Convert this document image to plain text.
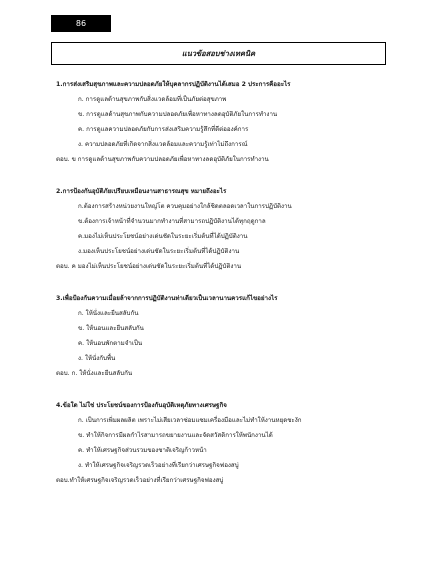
86
แนวข้อสอบช่างเทคนิค
1.การส่งเสริมสุขภาพและความปลอดภัยให้บุคลากรปฏิบัติงานได้เสมอ 2 ประการคืออะไร
ก. การดูแลด้านสุขภาพกับสิ่งแวดล้อมที่เป็นภัยต่อสุขภาพ
ข. การดูแลด้านสุขภาพกับความปลอดภัยเพื่อหาทางลดอุบัติภัยในการทำงาน
ค. การดูแลความปลอดภัยกับการส่งเสริมความรู้สึกที่ดีต่อองค์การ
ง. ความปลอดภัยที่เกิดจากสิ่งแวดล้อมและความรู้เท่าไม่ถึงการณ์
ตอบ. ข การดูแลด้านสุขภาพกับความปลอดภัยเพื่อหาทางลดอุบัติภัยในการทำงาน
2.การป้องกันอุบัติภัยเปรียบเหมือนงานสาธารณสุข หมายถึงอะไร
ก.ต้องการสร้างหน่วยงานใหญ่โต ควบคุมอย่างใกล้ชิดตลอดเวลาในการปฏิบัติงาน
ข.ต้องการเจ้าหน้าที่จำนวนมากทำงานที่สามารถปฏิบัติงานได้ทุกฤดูกาล
ค.มองไม่เห็นประโยชน์อย่างเด่นชัดในระยะเริ่มต้นที่ได้ปฏิบัติงาน
ง.มองเห็นประโยชน์อย่างเด่นชัดในระยะเริ่มต้นที่ได้ปฏิบัติงาน
ตอบ. ค มองไม่เห็นประโยชน์อย่างเด่นชัดในระยะเริ่มต้นที่ได้ปฏิบัติงาน
3.เพื่อป้องกันความเมื่อยล้าจากการปฏิบัติงานท่าเดียวเป็นเวลานานควรแก้ไขอย่างไร
ก. ให้นั่งและยืนสลับกัน
ข. ให้นอนและยืนสลับกัน
ค. ให้นอนพักตามจำเป็น
ง. ให้นั่งกับพื้น
ตอบ. ก. ให้นั่งและยืนสลับกัน
4.ข้อใด ไม่ใช่ ประโยชน์ของการป้องกันอุบัติเหตุภัยทางเศรษฐกิจ
ก. เป็นการเพิ่มผลผลิต เพราะไม่เสียเวลาซ่อมแซมเครื่องมือและไม่ทำให้งานหยุดชะงัก
ข. ทำให้กิจการมีผลกำไรสามารถขยายงานและจัดสวัสดิการให้พนักงานได้
ค. ทำให้เศรษฐกิจส่วนรวมของชาติเจริญก้าวหน้า
ง. ทำให้เศรษฐกิจเจริญรวดเร็วอย่างที่เรียกว่าเศรษฐกิจฟองสบู่
ตอบ.ทำให้เศรษฐกิจเจริญรวดเร็วอย่างที่เรียกว่าเศรษฐกิจฟองสบู่
